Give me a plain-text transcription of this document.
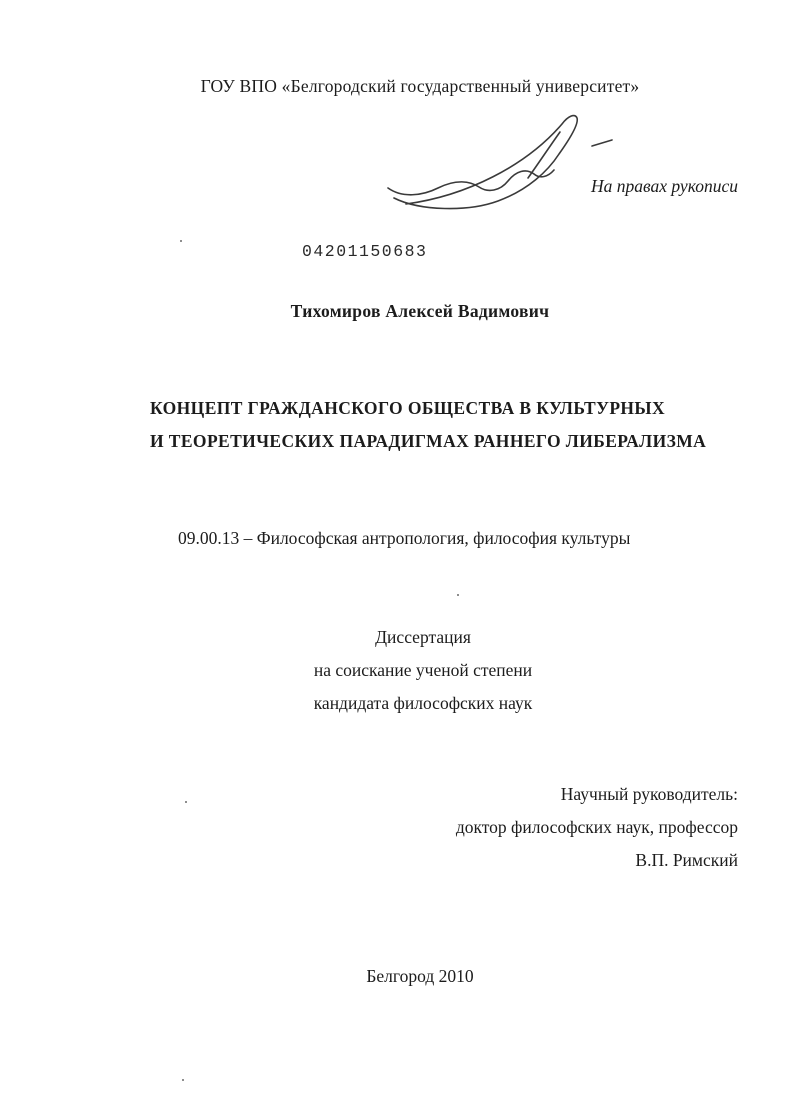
ГОУ ВПО «Белгородский государственный университет»
На правах рукописи
04201150683
Тихомиров Алексей Вадимович
КОНЦЕПТ ГРАЖДАНСКОГО ОБЩЕСТВА В КУЛЬТУРНЫХ
И ТЕОРЕТИЧЕСКИХ ПАРАДИГМАХ РАННЕГО ЛИБЕРАЛИЗМА
09.00.13 – Философская антропология, философия культуры
Диссертация
на соискание ученой степени
кандидата философских наук
Научный руководитель:
доктор философских наук, профессор
В.П. Римский
Белгород 2010
